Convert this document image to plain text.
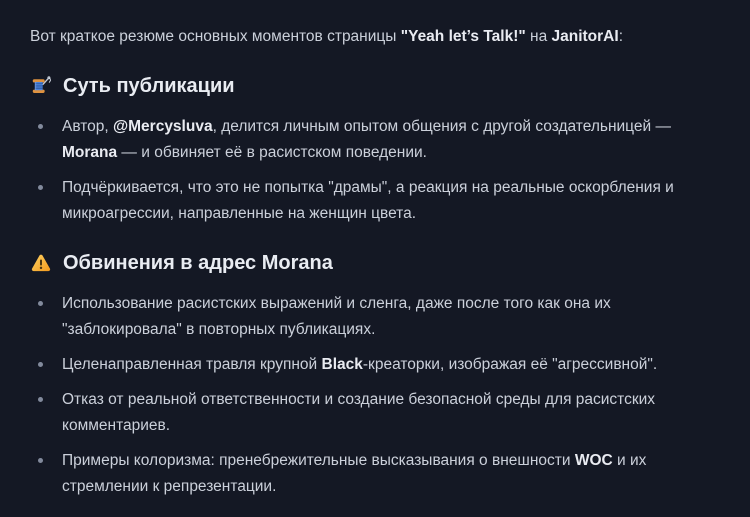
Вот краткое резюме основных моментов страницы "Yeah let’s Talk!" на JanitorAI:

Суть публикации
Автор, @Mercysluva, делится личным опытом общения с другой создательницей — Morana — и обвиняет её в расистском поведении.
Подчёркивается, что это не попытка "драмы", а реакция на реальные оскорбления и микроагрессии, направленные на женщин цвета.
Обвинения в адрес Morana
Использование расистских выражений и сленга, даже после того как она их "заблокировала" в повторных публикациях.
Целенаправленная травля крупной Black-креаторки, изображая её "агрессивной".
Отказ от реальной ответственности и создание безопасной среды для расистских комментариев.
Примеры колоризма: пренебрежительные высказывания о внешности WOC и их стремлении к репрезентации.
